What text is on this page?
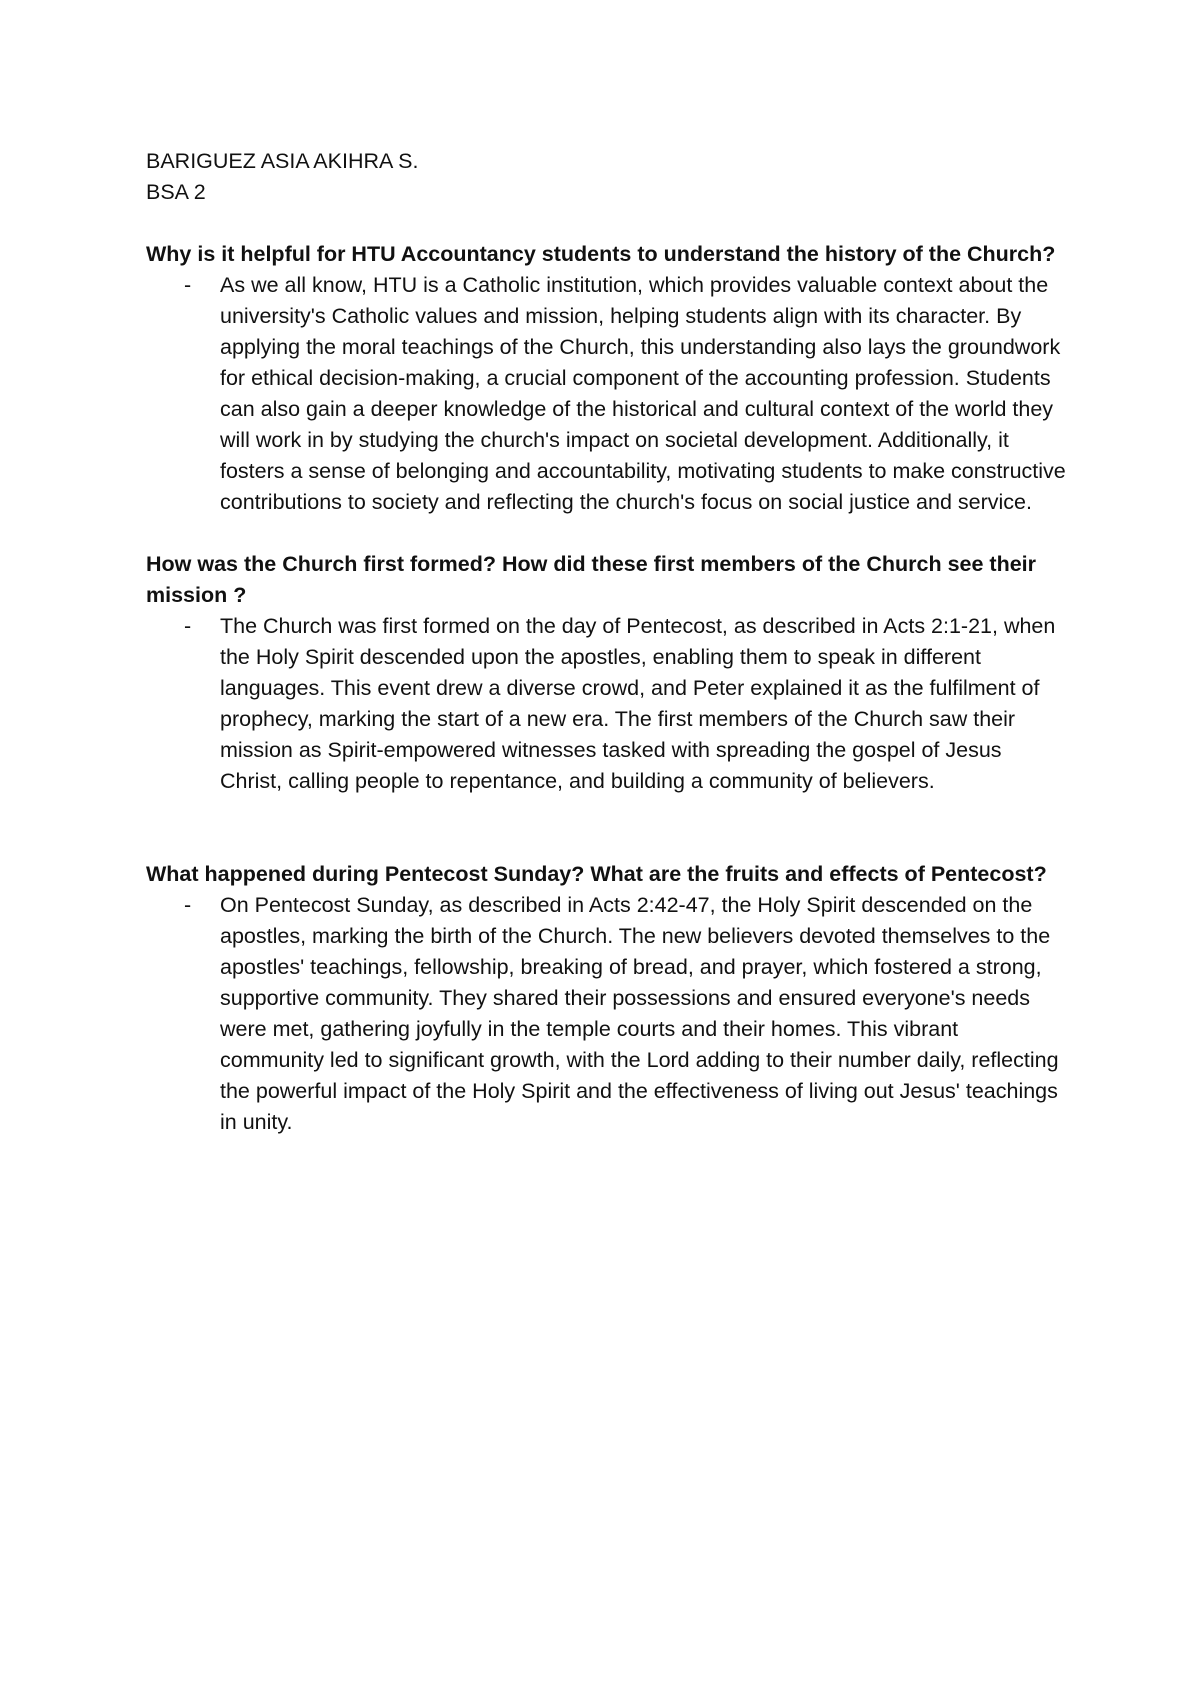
BARIGUEZ ASIA AKIHRA S.

BSA 2

Why is it helpful for HTU Accountancy students to understand the history of the Church?

- As we all know, HTU is a Catholic institution, which provides valuable context about the university's Catholic values and mission, helping students align with its character. By applying the moral teachings of the Church, this understanding also lays the groundwork for ethical decision-making, a crucial component of the accounting profession. Students can also gain a deeper knowledge of the historical and cultural context of the world they will work in by studying the church's impact on societal development. Additionally, it fosters a sense of belonging and accountability, motivating students to make constructive contributions to society and reflecting the church's focus on social justice and service.

How was the Church first formed? How did these first members of the Church see their mission ?

- The Church was first formed on the day of Pentecost, as described in Acts 2:1-21, when the Holy Spirit descended upon the apostles, enabling them to speak in different languages. This event drew a diverse crowd, and Peter explained it as the fulfilment of prophecy, marking the start of a new era. The first members of the Church saw their mission as Spirit-empowered witnesses tasked with spreading the gospel of Jesus Christ, calling people to repentance, and building a community of believers.

What happened during Pentecost Sunday? What are the fruits and effects of Pentecost?

- On Pentecost Sunday, as described in Acts 2:42-47, the Holy Spirit descended on the apostles, marking the birth of the Church. The new believers devoted themselves to the apostles' teachings, fellowship, breaking of bread, and prayer, which fostered a strong, supportive community. They shared their possessions and ensured everyone's needs were met, gathering joyfully in the temple courts and their homes. This vibrant community led to significant growth, with the Lord adding to their number daily, reflecting the powerful impact of the Holy Spirit and the effectiveness of living out Jesus' teachings in unity.
